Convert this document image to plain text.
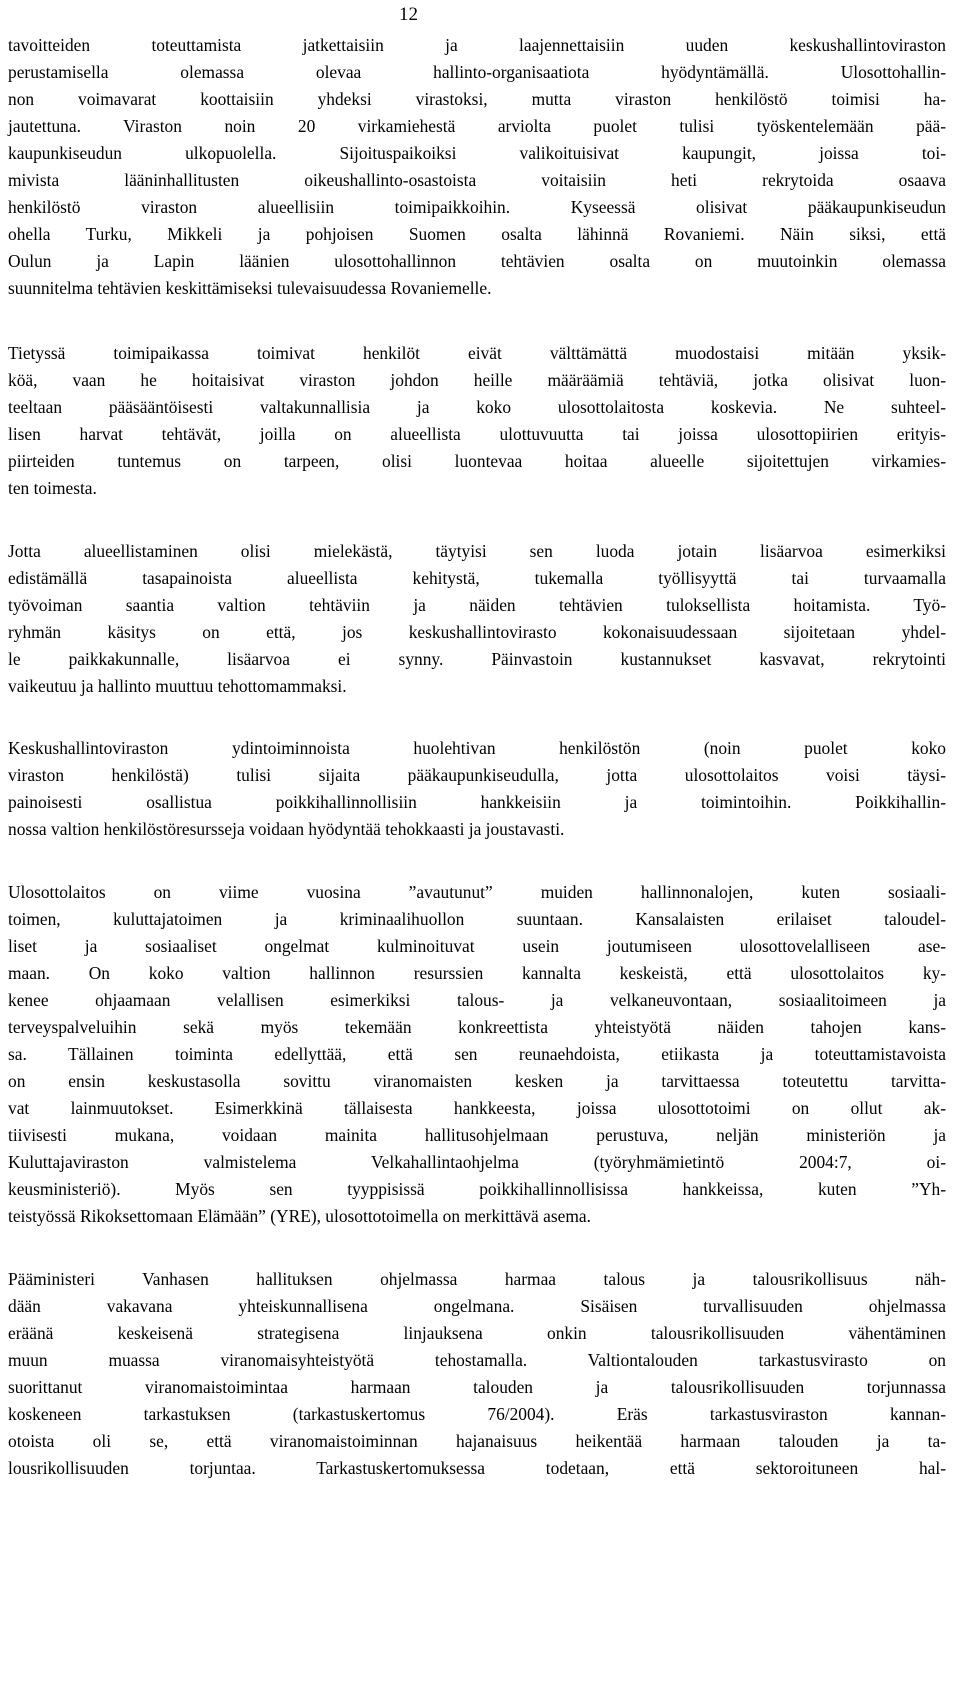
12
tavoitteiden toteuttamista jatkettaisiin ja laajennettaisiin uuden keskushallintoviraston
perustamisella olemassa olevaa hallinto-organisaatiota hyödyntämällä. Ulosottohallin-
non voimavarat koottaisiin yhdeksi virastoksi, mutta viraston henkilöstö toimisi ha-
jautettuna. Viraston noin 20 virkamiehestä arviolta puolet tulisi työskentelemään pää-
kaupunkiseudun ulkopuolella. Sijoituspaikoiksi valikoituisivat kaupungit, joissa toi-
mivista lääninhallitusten oikeushallinto-osastoista voitaisiin heti rekrytoida osaava
henkilöstö viraston alueellisiin toimipaikkoihin. Kyseessä olisivat pääkaupunkiseudun
ohella Turku, Mikkeli ja pohjoisen Suomen osalta lähinnä Rovaniemi. Näin siksi, että
Oulun ja Lapin läänien ulosottohallinnon tehtävien osalta on muutoinkin olemassa
suunnitelma tehtävien keskittämiseksi tulevaisuudessa Rovaniemelle.
Tietyssä toimipaikassa toimivat henkilöt eivät välttämättä muodostaisi mitään yksik-
köä, vaan he hoitaisivat viraston johdon heille määräämiä tehtäviä, jotka olisivat luon-
teeltaan pääsääntöisesti valtakunnallisia ja koko ulosottolaitosta koskevia. Ne suhteel-
lisen harvat tehtävät, joilla on alueellista ulottuvuutta tai joissa ulosottopiirien erityis-
piirteiden tuntemus on tarpeen, olisi luontevaa hoitaa alueelle sijoitettujen virkamies-
ten toimesta.
Jotta alueellistaminen olisi mielekästä, täytyisi sen luoda jotain lisäarvoa esimerkiksi
edistämällä tasapainoista alueellista kehitystä, tukemalla työllisyyttä tai turvaamalla
työvoiman saantia valtion tehtäviin ja näiden tehtävien tuloksellista hoitamista. Työ-
ryhmän käsitys on että, jos keskushallintovirasto kokonaisuudessaan sijoitetaan yhdel-
le paikkakunnalle, lisäarvoa ei synny. Päinvastoin kustannukset kasvavat, rekrytointi
vaikeutuu ja hallinto muuttuu tehottomammaksi.
Keskushallintoviraston ydintoiminnoista huolehtivan henkilöstön (noin puolet koko
viraston henkilöstä) tulisi sijaita pääkaupunkiseudulla, jotta ulosottolaitos voisi täysi-
painoisesti osallistua poikkihallinnollisiin hankkeisiin ja toimintoihin. Poikkihallin-
nossa valtion henkilöstöresursseja voidaan hyödyntää tehokkaasti ja joustavasti.
Ulosottolaitos on viime vuosina ”avautunut” muiden hallinnonalojen, kuten sosiaali-
toimen, kuluttajatoimen ja kriminaalihuollon suuntaan. Kansalaisten erilaiset taloudel-
liset ja sosiaaliset ongelmat kulminoituvat usein joutumiseen ulosottovelalliseen ase-
maan. On koko valtion hallinnon resurssien kannalta keskeistä, että ulosottolaitos ky-
kenee ohjaamaan velallisen esimerkiksi talous- ja velkaneuvontaan, sosiaalitoimeen ja
terveyspalveluihin sekä myös tekemään konkreettista yhteistyötä näiden tahojen kans-
sa. Tällainen toiminta edellyttää, että sen reunaehdoista, etiikasta ja toteuttamistavoista
on ensin keskustasolla sovittu viranomaisten kesken ja tarvittaessa toteutettu tarvitta-
vat lainmuutokset. Esimerkkinä tällaisesta hankkeesta, joissa ulosottotoimi on ollut ak-
tiivisesti mukana, voidaan mainita hallitusohjelmaan perustuva, neljän ministeriön ja
Kuluttajaviraston valmistelema Velkahallintaohjelma (työryhmämietintö 2004:7, oi-
keusministeriö). Myös sen tyyppisissä poikkihallinnollisissa hankkeissa, kuten ”Yh-
teistyössä Rikoksettomaan Elämään” (YRE), ulosottotoimella on merkittävä asema.
Pääministeri Vanhasen hallituksen ohjelmassa harmaa talous ja talousrikollisuus näh-
dään vakavana yhteiskunnallisena ongelmana. Sisäisen turvallisuuden ohjelmassa
eräänä keskeisenä strategisena linjauksena onkin talousrikollisuuden vähentäminen
muun muassa viranomaisyhteistyötä tehostamalla. Valtiontalouden tarkastusvirasto on
suorittanut viranomaistoimintaa harmaan talouden ja talousrikollisuuden torjunnassa
koskeneen tarkastuksen (tarkastuskertomus 76/2004). Eräs tarkastusviraston kannan-
otoista oli se, että viranomaistoiminnan hajanaisuus heikentää harmaan talouden ja ta-
lousrikollisuuden torjuntaa. Tarkastuskertomuksessa todetaan, että sektoroituneen hal-
